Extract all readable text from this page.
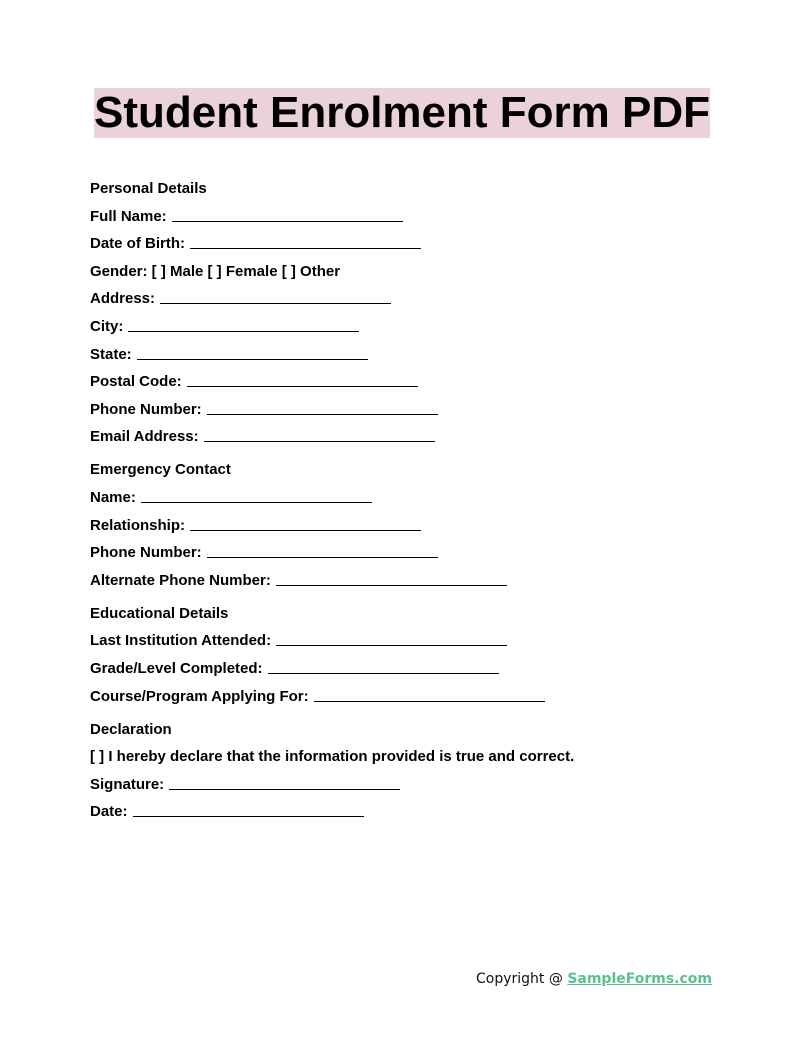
Student Enrolment Form PDF
Personal Details
Full Name:
Date of Birth:
Gender: [ ] Male [ ] Female [ ] Other
Address:
City:
State:
Postal Code:
Phone Number:
Email Address:
Emergency Contact
Name:
Relationship:
Phone Number:
Alternate Phone Number:
Educational Details
Last Institution Attended:
Grade/Level Completed:
Course/Program Applying For:
Declaration
[ ] I hereby declare that the information provided is true and correct.
Signature:
Date:
Copyright @ SampleForms.com
